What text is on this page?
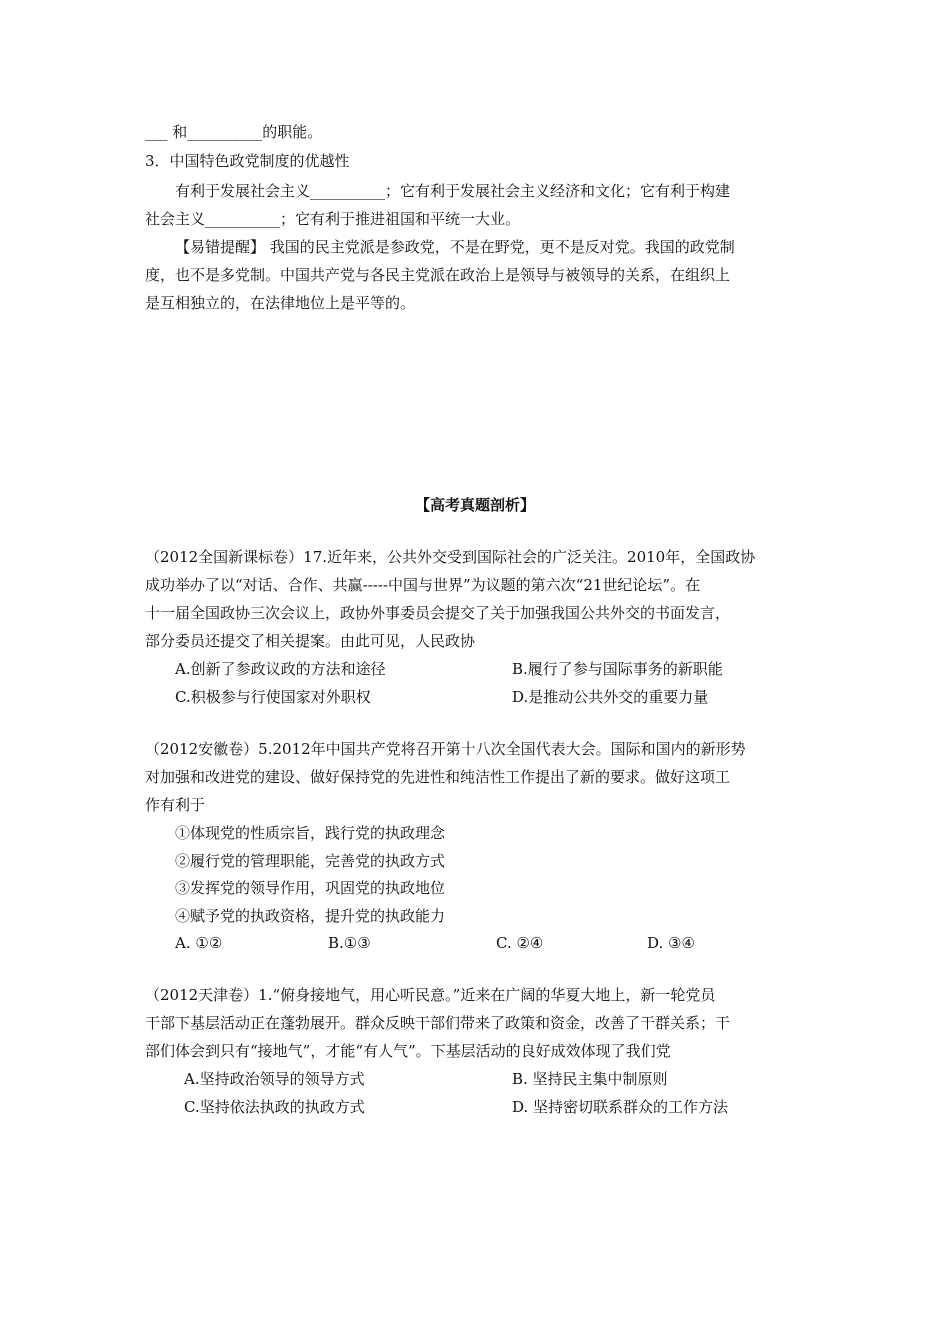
___ 和__________的职能。
3．中国特色政党制度的优越性
有利于发展社会主义__________；它有利于发展社会主义经济和文化；它有利于构建
社会主义__________；它有利于推进祖国和平统一大业。
【易错提醒】 我国的民主党派是参政党，不是在野党，更不是反对党。我国的政党制
度，也不是多党制。中国共产党与各民主党派在政治上是领导与被领导的关系，在组织上
是互相独立的，在法律地位上是平等的。
【高考真题剖析】
（2012全国新课标卷）17.近年来，公共外交受到国际社会的广泛关注。2010年，全国政协
成功举办了以“对话、合作、共赢-----中国与世界”为议题的第六次“21世纪论坛”。在
十一届全国政协三次会议上，政协外事委员会提交了关于加强我国公共外交的书面发言，
部分委员还提交了相关提案。由此可见，人民政协
A.创新了参政议政的方法和途径	B.履行了参与国际事务的新职能
C.积极参与行使国家对外职权	D.是推动公共外交的重要力量
（2012安徽卷）5.2012年中国共产党将召开第十八次全国代表大会。国际和国内的新形势
对加强和改进党的建设、做好保持党的先进性和纯洁性工作提出了新的要求。做好这项工
作有利于
①体现党的性质宗旨，践行党的执政理念
②履行党的管理职能，完善党的执政方式
③发挥党的领导作用，巩固党的执政地位
④赋予党的执政资格，提升党的执政能力
A. ①②	B.①③	C. ②④	D. ③④
（2012天津卷）1.“俯身接地气，用心听民意。”近来在广阔的华夏大地上，新一轮党员
干部下基层活动正在蓬勃展开。群众反映干部们带来了政策和资金，改善了干群关系；干
部们体会到只有“接地气”，才能“有人气”。下基层活动的良好成效体现了我们党
A.坚持政治领导的领导方式	B. 坚持民主集中制原则
C.坚持依法执政的执政方式	D. 坚持密切联系群众的工作方法
